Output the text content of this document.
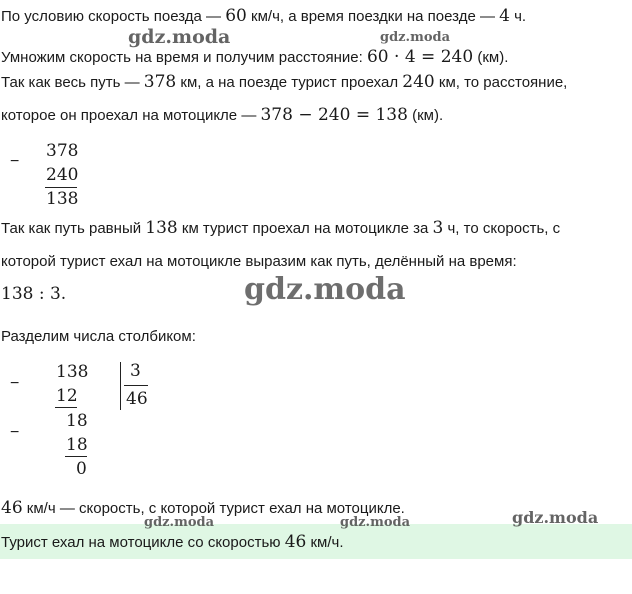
По условию скорость поезда — 60 км/ч, а время поездки на поезде — 4 ч.
Умножим скорость на время и получим расстояние: 60 · 4 = 240 (км).
Так как весь путь — 378 км, а на поезде турист проехал 240 км, то расстояние,
которое он проехал на мотоцикле — 378 − 240 = 138 (км).
−
378
240
138
Так как путь равный 138 км турист проехал на мотоцикле за 3 ч, то скорость, с
которой турист ехал на мотоцикле выразим как путь, делённый на время:
138 : 3.
Разделим числа столбиком:
−
138
12
3
46
−
18
18
0
46 км/ч — скорость, с которой турист ехал на мотоцикле.
Турист ехал на мотоцикле со скоростью 46 км/ч.
gdz.moda	gdz.moda
gdz.moda
gdz.moda	gdz.moda	gdz.moda
